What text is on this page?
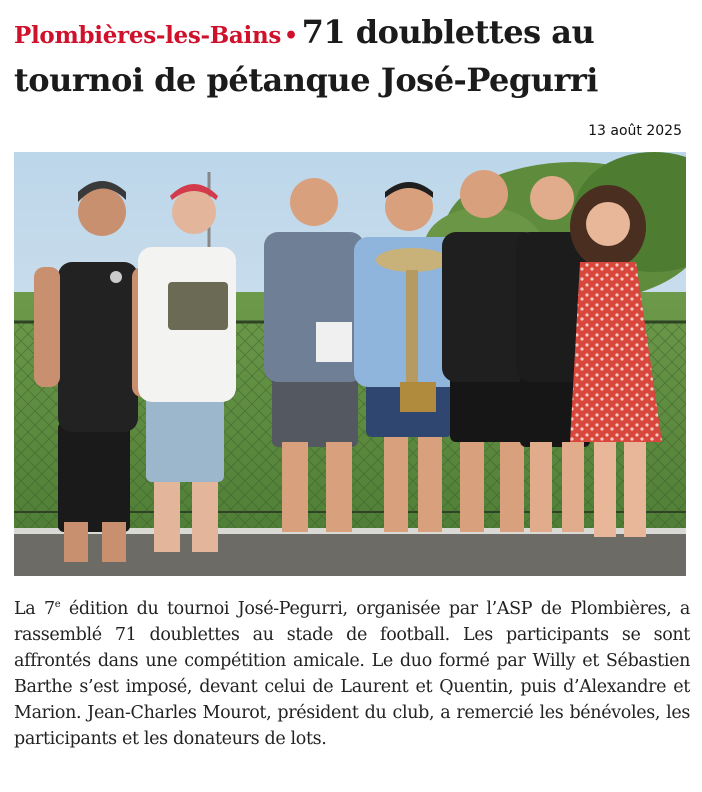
Plombières-les-Bains • 71 doublettes au tournoi de pétanque José-Pegurri
13 août 2025
La 7e édition du tournoi José-Pegurri, organisée par l’ASP de Plombières, a rassemblé 71 doublettes au stade de football. Les participants se sont affrontés dans une compétition amicale. Le duo formé par Willy et Sébastien Barthe s’est imposé, devant celui de Laurent et Quentin, puis d’Alexandre et Marion. Jean-Charles Mourot, président du club, a remercié les bénévoles, les participants et les donateurs de lots.
